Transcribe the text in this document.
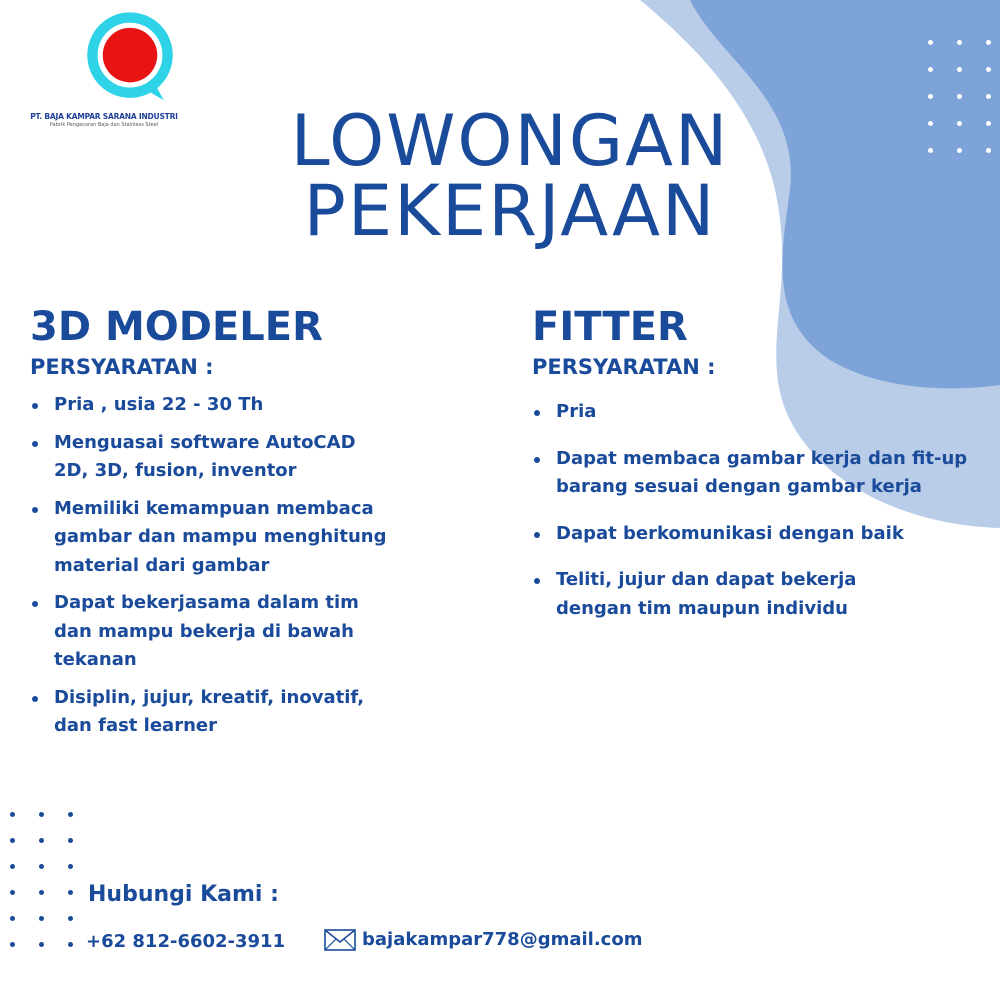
PT. BAJA KAMPAR SARANA INDUSTRI
Pabrik Pengecoran Baja dan Stainless Steel	LOWONGAN
PEKERJAAN
3D MODELER
PERSYARATAN :
Pria , usia 22 - 30 Th
Menguasai software AutoCAD 2D, 3D, fusion, inventor
Memiliki kemampuan membaca gambar dan mampu menghitung material dari gambar
Dapat bekerjasama dalam tim dan mampu bekerja di bawah tekanan
Disiplin, jujur, kreatif, inovatif, dan fast learner
FITTER
PERSYARATAN :
Pria
Dapat membaca gambar kerja dan fit-up barang sesuai dengan gambar kerja
Dapat berkomunikasi dengan baik
Teliti, jujur dan dapat bekerja dengan tim maupun individu
Hubungi Kami :
+62 812-6602-3911	bajakampar778@gmail.com
